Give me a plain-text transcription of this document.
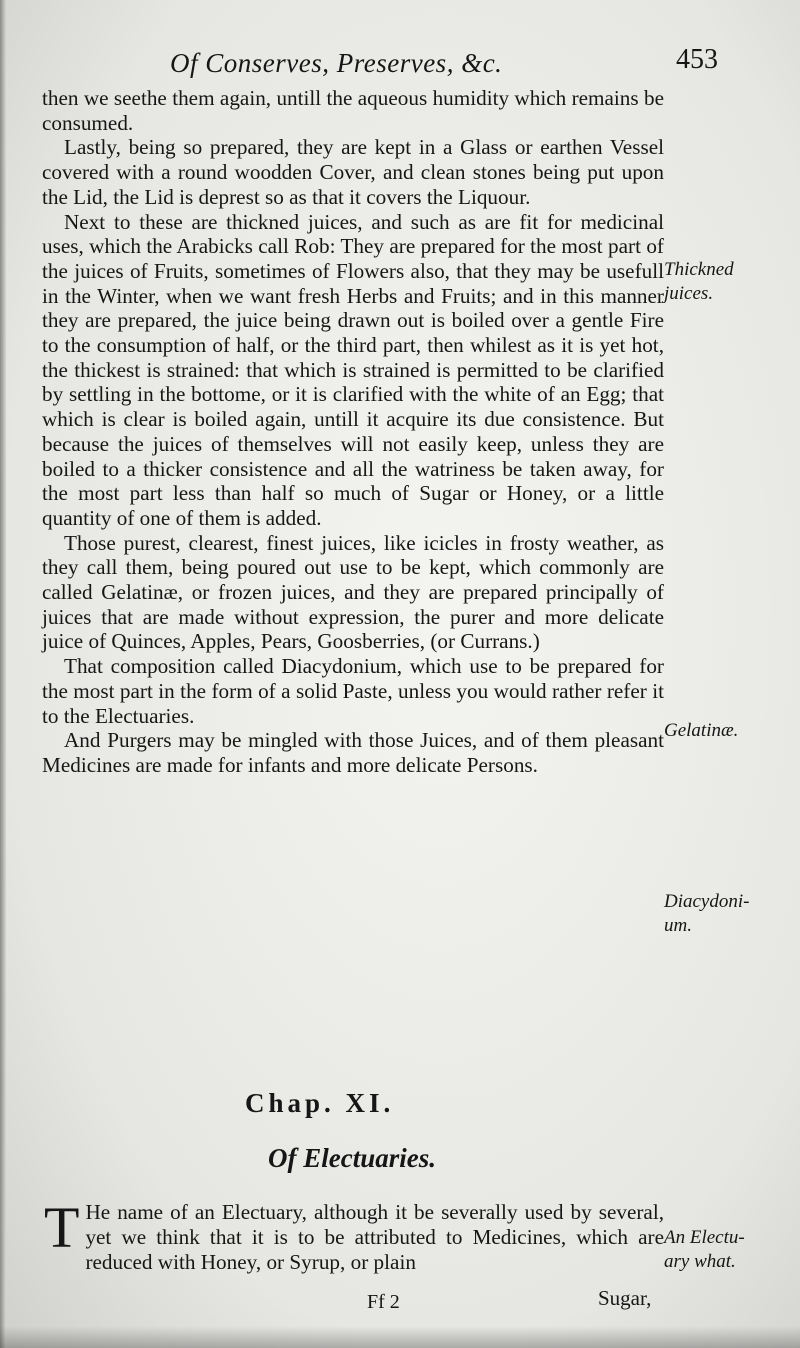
Of Conserves, Preserves, &c.	453

then we seethe them again, untill the aqueous humidity which remains be consumed.

Lastly, being so prepared, they are kept in a Glass or earthen Vessel covered with a round woodden Cover, and clean stones being put upon the Lid, the Lid is deprest so as that it covers the Liquour.

Next to these are thickned juices, and such as are fit for medicinal uses, which the Arabicks call Rob: They are prepared for the most part of the juices of Fruits, sometimes of Flowers also, that they may be usefull in the Winter, when we want fresh Herbs and Fruits; and in this manner they are prepared, the juice being drawn out is boiled over a gentle Fire to the consumption of half, or the third part, then whilest as it is yet hot, the thickest is strained: that which is strained is permitted to be clarified by settling in the bottome, or it is clarified with the white of an Egg; that which is clear is boiled again, untill it acquire its due consistence. But because the juices of themselves will not easily keep, unless they are boiled to a thicker consistence and all the watriness be taken away, for the most part less than half so much of Sugar or Honey, or a little quantity of one of them is added.

Those purest, clearest, finest juices, like icicles in frosty weather, as they call them, being poured out use to be kept, which commonly are called Gelatinæ, or frozen juices, and they are prepared principally of juices that are made without expression, the purer and more delicate juice of Quinces, Apples, Pears, Goosberries, (or Currans.)

That composition called Diacydonium, which use to be prepared for the most part in the form of a solid Paste, unless you would rather refer it to the Electuaries.

And Purgers may be mingled with those Juices, and of them pleasant Medicines are made for infants and more delicate Persons.

Thickned
juices.
Gelatinæ.
Diacydoni-
um.
An Electu-
ary what.
Chap. XI.
Of Electuaries.
T He name of an Electuary, although it be severally used by several, yet we think that it is to be attributed to Medicines, which are reduced with Honey, or Syrup, or plain
Ff 2	Sugar,
